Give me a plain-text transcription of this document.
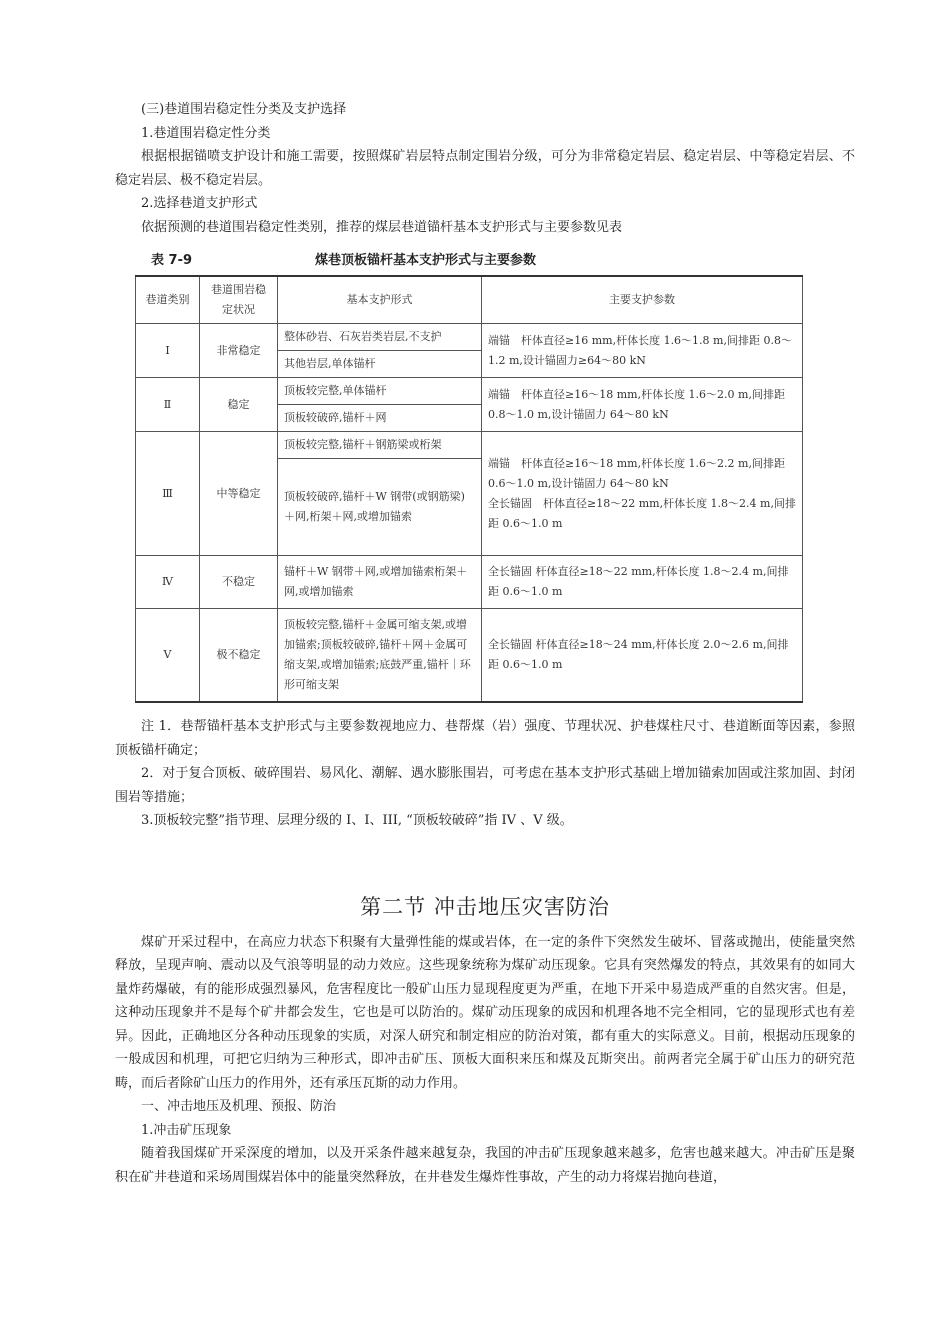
(三)巷道围岩稳定性分类及支护选择

1.巷道围岩稳定性分类

根据根据锚喷支护设计和施工需要，按照煤矿岩层特点制定围岩分级，可分为非常稳定岩层、稳定岩层、中等稳定岩层、不稳定岩层、极不稳定岩层。

2.选择巷道支护形式

依据预测的巷道围岩稳定性类别，推荐的煤层巷道锚杆基本支护形式与主要参数见表

表 7-9	煤巷顶板锚杆基本支护形式与主要参数
巷道类别	巷道围岩稳定状况	基本支护形式	主要支护参数
Ⅰ	非常稳定	整体砂岩、石灰岩类岩层,不支护	端锚　杆体直径≥16 mm,杆体长度 1.6～1.8 m,间排距 0.8～1.2 m,设计锚固力≥64～80 kN
		其他岩层,单体锚杆	
Ⅱ	稳定	顶板较完整,单体锚杆	端锚　杆体直径≥16～18 mm,杆体长度 1.6～2.0 m,间排距 0.8～1.0 m,设计锚固力 64～80 kN
		顶板较破碎,锚杆＋网	
Ⅲ	中等稳定	顶板较完整,锚杆＋钢筋梁或桁架	端锚　杆体直径≥16～18 mm,杆体长度 1.6～2.2 m,间排距 0.6～1.0 m,设计锚固力 64～80 kN
全长锚固　杆体直径≥18～22 mm,杆体长度 1.8～2.4 m,间排距 0.6～1.0 m

		顶板较破碎,锚杆＋W 钢带(或钢筋梁)＋网,桁架＋网,或增加锚索	
Ⅳ	不稳定	锚杆＋W 钢带＋网,或增加锚索桁架＋网,或增加锚索	全长锚固 杆体直径≥18～22 mm,杆体长度 1.8～2.4 m,间排距 0.6～1.0 m
Ⅴ	极不稳定	顶板较完整,锚杆＋金属可缩支架,或增加锚索;顶板较破碎,锚杆＋网＋金属可缩支架,或增加锚索;底鼓严重,锚杆｜环形可缩支架	全长锚固 杆体直径≥18～24 mm,杆体长度 2.0～2.6 m,间排距 0.6～1.0 m

注 1．巷帮锚杆基本支护形式与主要参数视地应力、巷帮煤（岩）强度、节理状况、护巷煤柱尺寸、巷道断面等因素，参照顶板锚杆确定；

2．对于复合顶板、破碎围岩、易风化、潮解、遇水膨胀围岩，可考虑在基本支护形式基础上增加锚索加固或注浆加固、封闭围岩等措施；

3.顶板较完整”指节理、层理分级的 I、I、III, “顶板较破碎”指 IV 、V 级。

第二节 冲击地压灾害防治

煤矿开采过程中，在高应力状态下积聚有大量弹性能的煤或岩体，在一定的条件下突然发生破坏、冒落或抛出，使能量突然释放，呈现声响、震动以及气浪等明显的动力效应。这些现象统称为煤矿动压现象。它具有突然爆发的特点，其效果有的如同大量炸药爆破，有的能形成强烈暴风，危害程度比一般矿山压力显现程度更为严重，在地下开采中易造成严重的自然灾害。但是，这种动压现象并不是每个矿井都会发生，它也是可以防治的。煤矿动压现象的成因和机理各地不完全相同，它的显现形式也有差异。因此，正确地区分各种动压现象的实质，对深人研究和制定相应的防治对策，都有重大的实际意义。目前，根据动压现象的一般成因和机理，可把它归纳为三种形式，即冲击矿压、顶板大面积来压和煤及瓦斯突出。前两者完全属于矿山压力的研究范畴，而后者除矿山压力的作用外，还有承压瓦斯的动力作用。

一、冲击地压及机理、预报、防治

1.冲击矿压现象

随着我国煤矿开采深度的增加，以及开采条件越来越复杂，我国的冲击矿压现象越来越多，危害也越来越大。冲击矿压是聚积在矿井巷道和采场周围煤岩体中的能量突然释放，在井巷发生爆炸性事故，产生的动力将煤岩抛向巷道，
